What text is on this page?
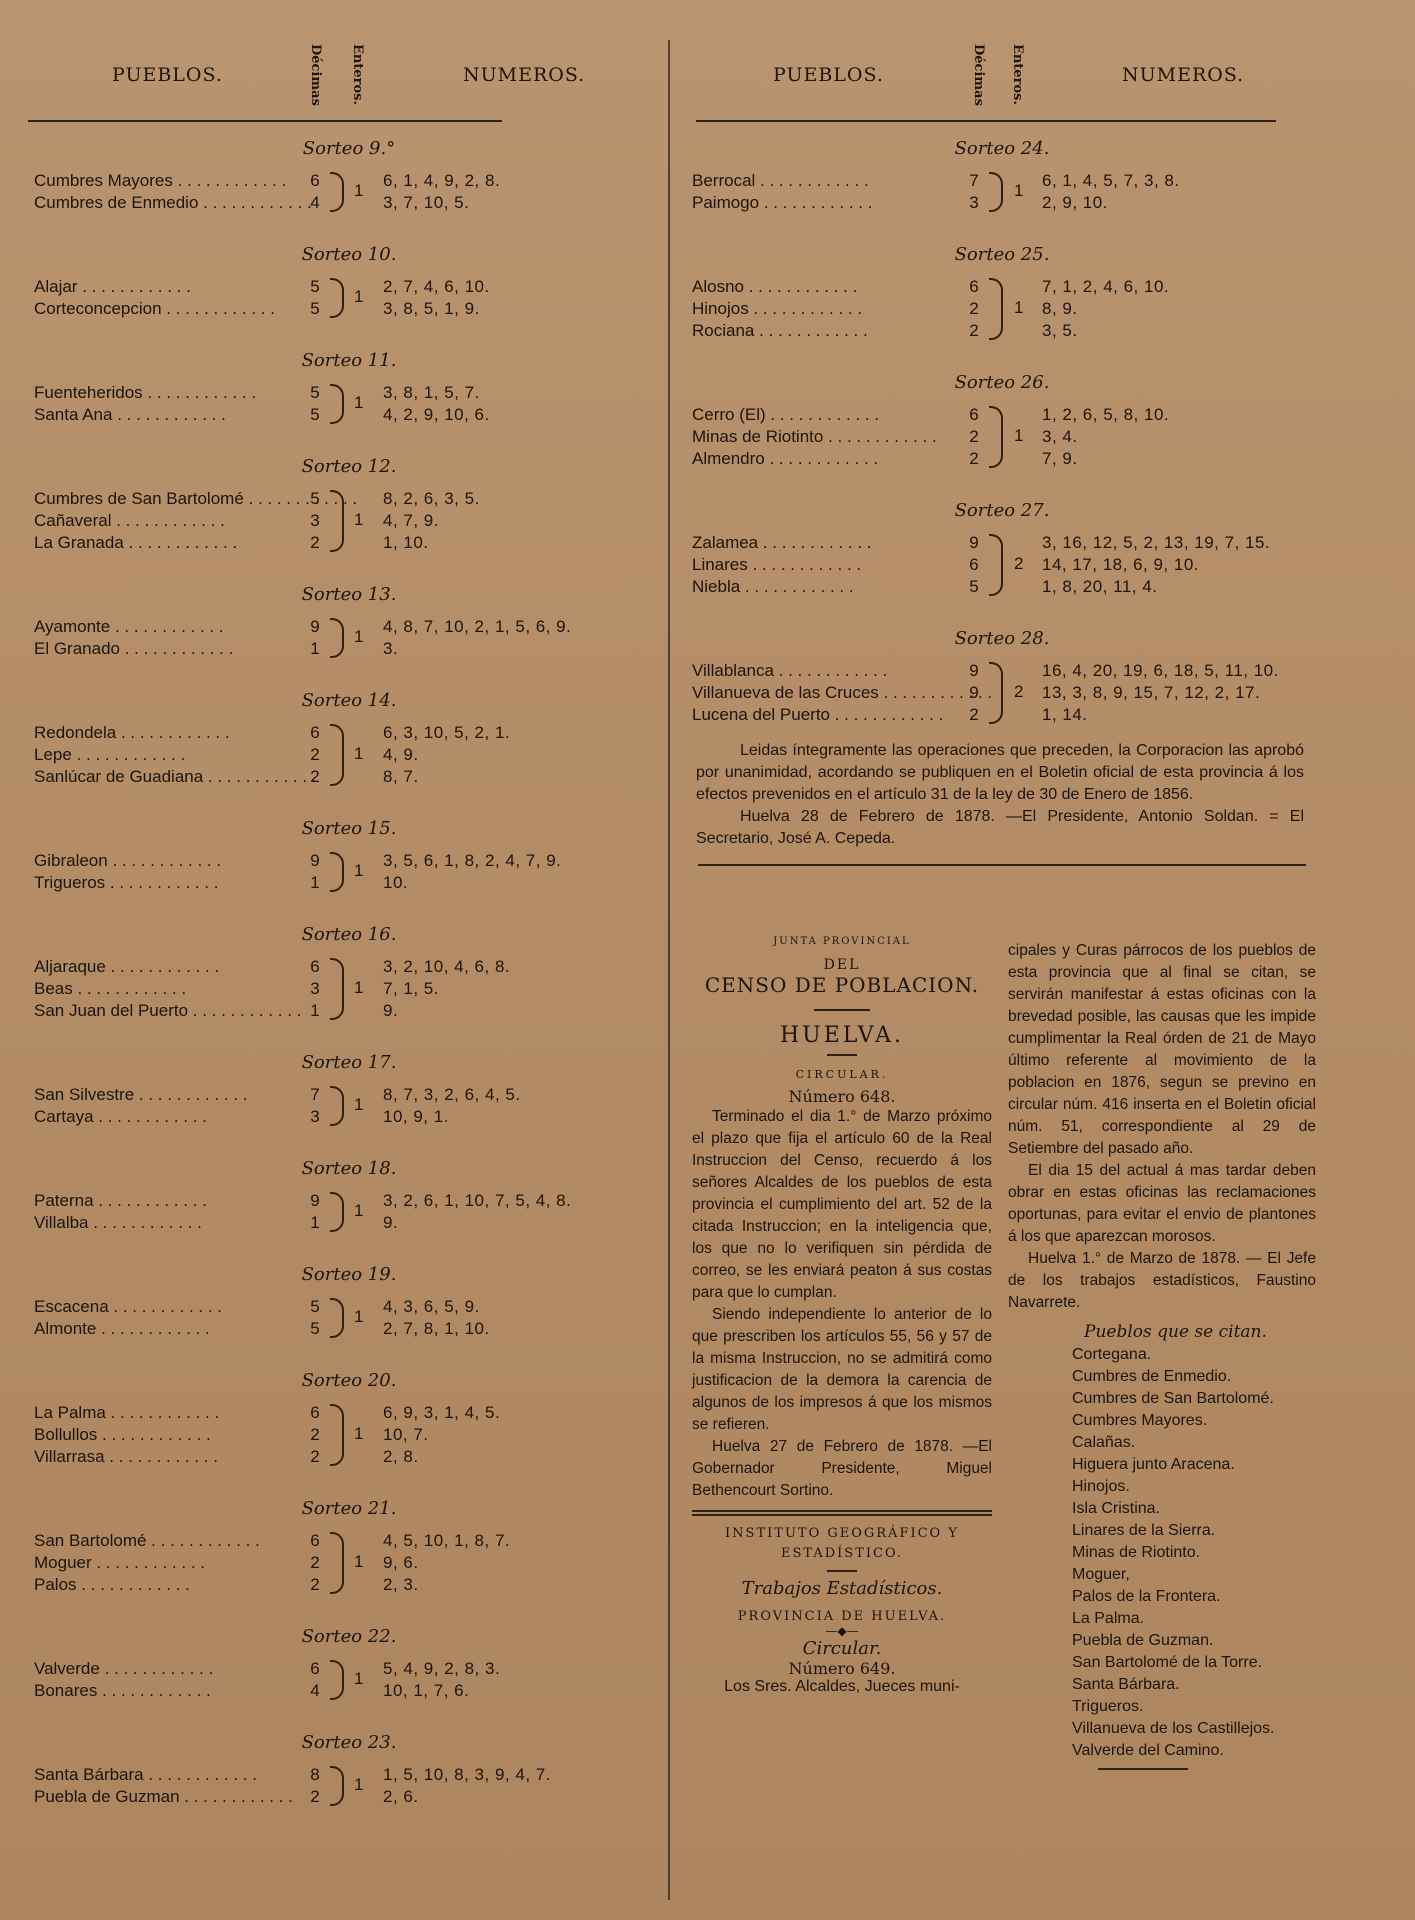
PUEBLOS.	Décimas Enteros.	NUMEROS.
Sorteo 9.°
Cumbres Mayores . . .	6	6, 1, 4, 9, 2, 8.
Cumbres de Enmedio . . .	4	3, 7, 10, 5.
1
Sorteo 10.
Alajar . . .	5	2, 7, 4, 6, 10.
Corteconcepcion . . .	5	3, 8, 5, 1, 9.
1
Sorteo 11.
Fuenteheridos . . .	5	3, 8, 1, 5, 7.
Santa Ana . . .	5	4, 2, 9, 10, 6.
1
Sorteo 12.
Cumbres de San Bartolomé . . .	5	8, 2, 6, 3, 5.
Cañaveral . . .	3	4, 7, 9.
La Granada . . .	2	1, 10.
1
Sorteo 13.
Ayamonte . . .	9	4, 8, 7, 10, 2, 1, 5, 6, 9.
El Granado . . .	1	3.
1
Sorteo 14.
Redondela . . .	6	6, 3, 10, 5, 2, 1.
Lepe . . .	2	4, 9.
Sanlúcar de Guadiana . . .	2	8, 7.
1
Sorteo 15.
Gibraleon . . .	9	3, 5, 6, 1, 8, 2, 4, 7, 9.
Trigueros . . .	1	10.
1
Sorteo 16.
Aljaraque . . .	6	3, 2, 10, 4, 6, 8.
Beas . . .	3	7, 1, 5.
San Juan del Puerto . . .	1	9.
1
Sorteo 17.
San Silvestre . . .	7	8, 7, 3, 2, 6, 4, 5.
Cartaya . . .	3	10, 9, 1.
1
Sorteo 18.
Paterna . . .	9	3, 2, 6, 1, 10, 7, 5, 4, 8.
Villalba . . .	1	9.
1
Sorteo 19.
Escacena . . .	5	4, 3, 6, 5, 9.
Almonte . . .	5	2, 7, 8, 1, 10.
1
Sorteo 20.
La Palma . . .	6	6, 9, 3, 1, 4, 5.
Bollullos . . .	2	10, 7.
Villarrasa . . .	2	2, 8.
1
Sorteo 21.
San Bartolomé . . .	6	4, 5, 10, 1, 8, 7.
Moguer . . .	2	9, 6.
Palos . . .	2	2, 3.
1
Sorteo 22.
Valverde . . .	6	5, 4, 9, 2, 8, 3.
Bonares . . .	4	10, 1, 7, 6.
1
Sorteo 23.
Santa Bárbara . . .	8	1, 5, 10, 8, 3, 9, 4, 7.
Puebla de Guzman . . .	2	2, 6.
1
PUEBLOS.	Décimas Enteros.	NUMEROS.
Sorteo 24.
Berrocal . . .	7	6, 1, 4, 5, 7, 3, 8.
Paimogo . . .	3	2, 9, 10.
1
Sorteo 25.
Alosno . . .	6	7, 1, 2, 4, 6, 10.
Hinojos . . .	2	8, 9.
Rociana . . .	2	3, 5.
1
Sorteo 26.
Cerro (El) . . .	6	1, 2, 6, 5, 8, 10.
Minas de Riotinto . . .	2	3, 4.
Almendro . . .	2	7, 9.
1
Sorteo 27.
Zalamea . . .	9	3, 16, 12, 5, 2, 13, 19, 7, 15.
Linares . . .	6	14, 17, 18, 6, 9, 10.
Niebla . . .	5	1, 8, 20, 11, 4.
2
Sorteo 28.
Villablanca . . .	9	16, 4, 20, 19, 6, 18, 5, 11, 10.
Villanueva de las Cruces . . .	9	13, 3, 8, 9, 15, 7, 12, 2, 17.
Lucena del Puerto . . .	2	1, 14.
2

Leidas íntegramente las operaciones que preceden, la Corporacion las aprobó por unanimidad, acordando se publiquen en el Boletin oficial de esta provincia á los efectos prevenidos en el artículo 31 de la ley de 30 de Enero de 1856.

Huelva 28 de Febrero de 1878. —El Presidente, Antonio Soldan. = El Secretario, José A. Cepeda.

JUNTA PROVINCIAL
DEL
CENSO DE POBLACION.
HUELVA.
CIRCULAR.
Número 648.

Terminado el dia 1.° de Marzo próximo el plazo que fija el artículo 60 de la Real Instruccion del Censo, recuerdo á los señores Alcaldes de los pueblos de esta provincia el cumplimiento del art. 52 de la citada Instruccion; en la inteligencia que, los que no lo verifiquen sin pérdida de correo, se les enviará peaton á sus costas para que lo cumplan.

Siendo independiente lo anterior de lo que prescriben los artículos 55, 56 y 57 de la misma Instruccion, no se admitirá como justificacion de la demora la carencia de algunos de los impresos á que los mismos se refieren.

Huelva 27 de Febrero de 1878. —El Gobernador Presidente, Miguel Bethencourt Sortino.

INSTITUTO GEOGRÁFICO Y ESTADÍSTICO.
Trabajos Estadísticos.
PROVINCIA DE HUELVA.
—◆—
Circular.
Número 649.
Los Sres. Alcaldes, Jueces muni-

cipales y Curas párrocos de los pueblos de esta provincia que al final se citan, se servirán manifestar á estas oficinas con la brevedad posible, las causas que les impide cumplimentar la Real órden de 21 de Mayo último referente al movimiento de la poblacion en 1876, segun se previno en circular núm. 416 inserta en el Boletin oficial núm. 51, correspondiente al 29 de Setiembre del pasado año.

El dia 15 del actual á mas tardar deben obrar en estas oficinas las reclamaciones oportunas, para evitar el envio de plantones á los que aparezcan morosos.

Huelva 1.° de Marzo de 1878. — El Jefe de los trabajos estadísticos, Faustino Navarrete.

Pueblos que se citan.
Cortegana.
Cumbres de Enmedio.
Cumbres de San Bartolomé.
Cumbres Mayores.
Calañas.
Higuera junto Aracena.
Hinojos.
Isla Cristina.
Linares de la Sierra.
Minas de Riotinto.
Moguer,
Palos de la Frontera.
La Palma.
Puebla de Guzman.
San Bartolomé de la Torre.
Santa Bárbara.
Trigueros.
Villanueva de los Castillejos.
Valverde del Camino.
